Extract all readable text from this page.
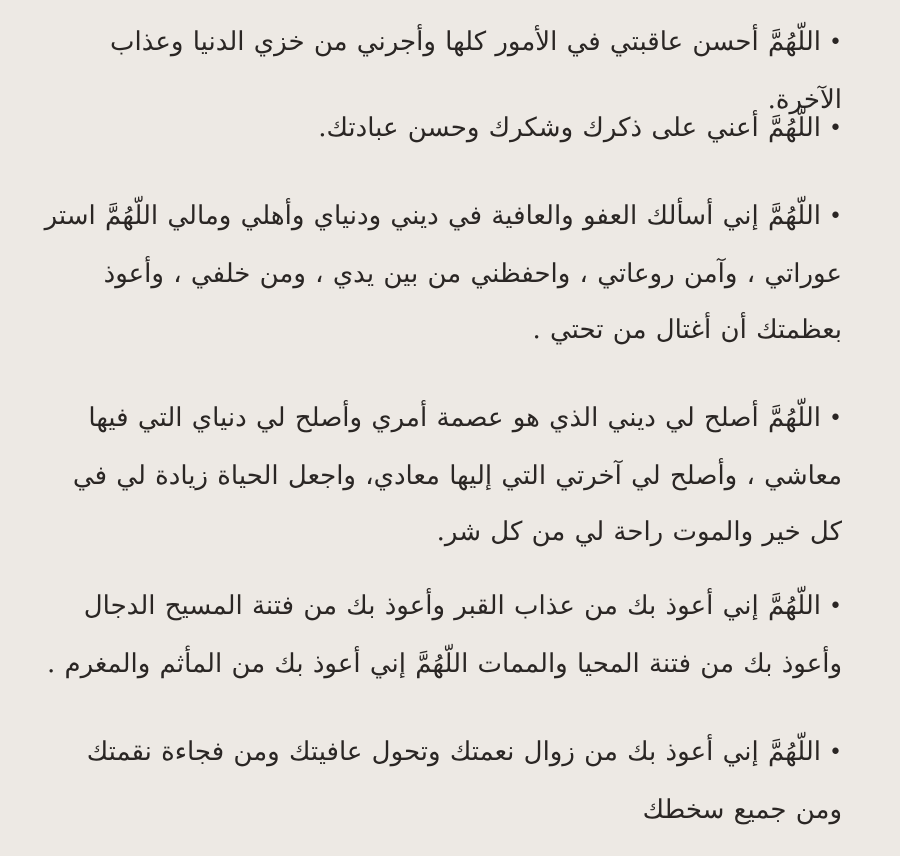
•اللّهُمَّ أحسن عاقبتي في الأمور كلها وأجرني من خزي الدنيا وعذاب الآخرة.
•اللّهُمَّ أعني على ذكرك وشكرك وحسن عبادتك.
•اللّهُمَّ إني أسألك العفو والعافية في ديني ودنياي وأهلي ومالي اللّهُمَّ استر عوراتي ، وآمن روعاتي ، واحفظني من بين يدي ، ومن خلفي ، وأعوذ بعظمتك أن أغتال من تحتي .
•اللّهُمَّ أصلح لي ديني الذي هو عصمة أمري وأصلح لي دنياي التي فيها معاشي ، وأصلح لي آخرتي التي إليها معادي، واجعل الحياة زيادة لي في كل خير والموت راحة لي من كل شر.
•اللّهُمَّ إني أعوذ بك من عذاب القبر وأعوذ بك من فتنة المسيح الدجال وأعوذ بك من فتنة المحيا والممات اللّهُمَّ إني أعوذ بك من المأثم والمغرم .
•اللّهُمَّ إني أعوذ بك من زوال نعمتك وتحول عافيتك ومن فجاءة نقمتك ومن جميع سخطك
